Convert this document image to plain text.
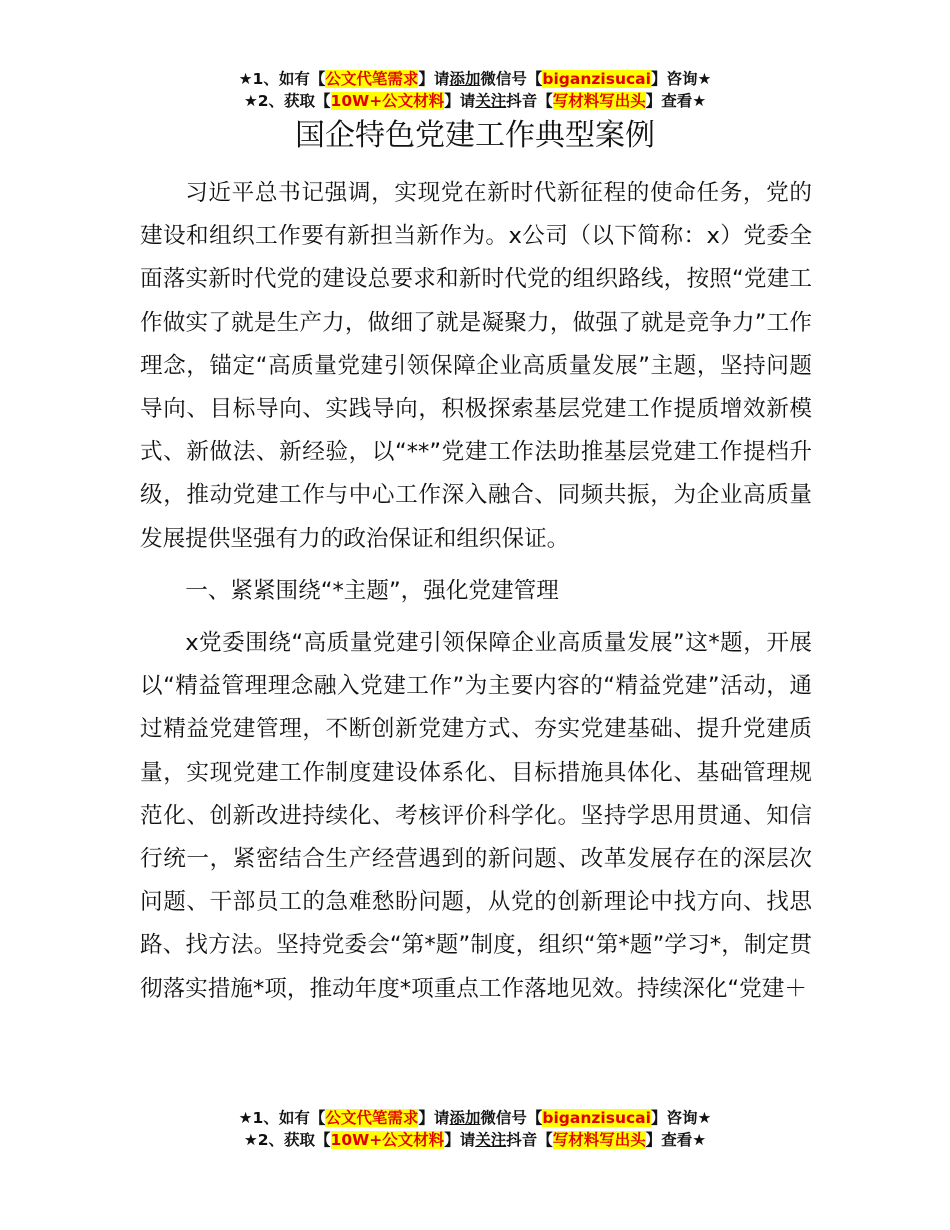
★1、如有【公文代笔需求】请添加微信号【biganzisucai】咨询★
★2、获取【10W+公文材料】请关注抖音【写材料写出头】查看★
国企特色党建工作典型案例

习近平总书记强调，实现党在新时代新征程的使命任务，党的建设和组织工作要有新担当新作为。x公司（以下简称：x）党委全面落实新时代党的建设总要求和新时代党的组织路线，按照“党建工作做实了就是生产力，做细了就是凝聚力，做强了就是竞争力”工作理念，锚定“高质量党建引领保障企业高质量发展”主题，坚持问题导向、目标导向、实践导向，积极探索基层党建工作提质增效新模式、新做法、新经验，以“**”党建工作法助推基层党建工作提档升级，推动党建工作与中心工作深入融合、同频共振，为企业高质量发展提供坚强有力的政治保证和组织保证。

一、紧紧围绕“*主题”，强化党建管理

x党委围绕“高质量党建引领保障企业高质量发展”这*题，开展以“精益管理理念融入党建工作”为主要内容的“精益党建”活动，通过精益党建管理，不断创新党建方式、夯实党建基础、提升党建质量，实现党建工作制度建设体系化、目标措施具体化、基础管理规范化、创新改进持续化、考核评价科学化。坚持学思用贯通、知信行统一，紧密结合生产经营遇到的新问题、改革发展存在的深层次问题、干部员工的急难愁盼问题，从党的创新理论中找方向、找思路、找方法。坚持党委会“第*题”制度，组织“第*题”学习*，制定贯彻落实措施*项，推动年度*项重点工作落地见效。持续深化“党建＋

★1、如有【公文代笔需求】请添加微信号【biganzisucai】咨询★
★2、获取【10W+公文材料】请关注抖音【写材料写出头】查看★
